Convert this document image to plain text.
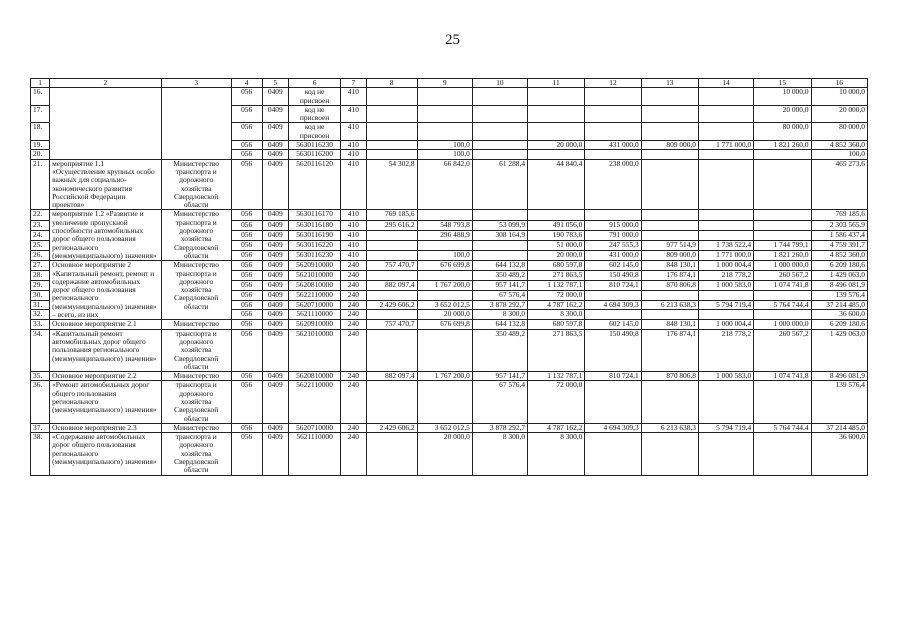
25
1	2	3	4	5	6	7	8	9	10	11	12	13	14	15	16
16.			056	0409	код не присвоен	410								10 000,0	10 000,0
17.			056	0409	код не присвоен	410								20 000,0	20 000,0
18.			056	0409	код не присвоен	410								80 000,0	80 000,0
19.			056	0409	5630116230	410		100,0		20 000,0	431 000,0	809 000,0	1 771 000,0	1 821 260,0	4 852 360,0
20.			056	0409	5630116200	410		100,0							100,0
21.	мероприятие 1.1 «Осуществление крупных особо важных для социально-экономического развития Российской Федерации проектов»	Министерство транспорта и дорожного хозяйства Свердловской области	056	0409	5620116120	410	54 302,8	66 842,0	61 288,4	44 840,4	238 000,0				465 273,6
22.	мероприятие 1.2 «Развитие и увеличение пропускной способности автомобильных дорог общего пользования регионального (межмуниципального) значения»	Министерство транспорта и дорожного хозяйства Свердловской области	056	0409	5630116170	410	769 185,6								769 185,6
23.			056	0409	5630116180	410	295 616,2	548 793,8	53 099,9	491 056,0	915 000,0				2 303 565,9
24.			056	0409	5630116190	410		296 488,9	308 164,9	190 783,6	791 000,0				1 586 437,4
25.			056	0409	5630116220	410				51 000,0	247 555,3	977 514,9	1 738 522,4	1 744 799,1	4 759 391,7
26.			056	0409	5630116230	410		100,0		20 000,0	431 000,0	809 000,0	1 771 000,0	1 821 260,0	4 852 360,0
27.	Основное мероприятие 2 «Капитальный ремонт, ремонт и содержание автомобильных дорог общего пользования регионального (межмуниципального) значения» – всего, из них	Министерство транспорта и дорожного хозяйства Свердловской области	056	0409	5620910000	240	757 470,7	676 699,8	644 132,8	680 597,8	602 145,0	848 130,1	1 000 004,4	1 000 000,0	6 209 180,6
28.			056	0409	5621010000	240			350 489,2	271 863,5	150 490,8	176 874,1	218 778,2	260 567,2	1 429 063,0
29.			056	0409	5620810000	240	882 097,4	1 767 200,0	957 141,7	1 132 787,1	810 724,1	870 806,8	1 000 583,0	1 074 741,8	8 496 081,9
30.			056	0409	5622110000	240			67 576,4	72 000,0					139 576,4
31.			056	0409	5620710000	240	2 429 606,2	3 652 012,5	3 878 292,7	4 787 162,2	4 694 309,3	6 213 638,3	5 794 719,4	5 764 744,4	37 214 485,0
32.			056	0409	5621110000	240		20 000,0	8 300,0	8 300,0					36 600,0
33.	Основное мероприятие 2.1	Министерство	056	0409	5620910000	240	757 470,7	676 699,8	644 132,8	680 597,8	602 145,0	848 130,1	1 000 004,4	1 000 000,0	6 209 180,6
34.	«Капитальный ремонт автомобильных дорог общего пользования регионального (межмуниципального) значения»	транспорта и дорожного хозяйства Свердловской области	056	0409	5621010000	240			350 489,2	271 863,5	150 490,8	176 874,1	218 778,2	260 567,2	1 429 063,0
35.	Основное мероприятие 2.2	Министерство	056	0409	5620810000	240	882 097,4	1 767 200,0	957 141,7	1 132 787,1	810 724,1	870 806,8	1 000 583,0	1 074 741,8	8 496 081,9
36.	«Ремонт автомобильных дорог общего пользования регионального (межмуниципального) значения»	транспорта и дорожного хозяйства Свердловской области	056	0409	5622110000	240			67 576,4	72 000,0					139 576,4
37.	Основное мероприятие 2.3	Министерство	056	0409	5620710000	240	2 429 606,2	3 652 012,5	3 878 292,7	4 787 162,2	4 694 309,3	6 213 638,3	5 794 719,4	5 764 744,4	37 214 485,0
38.	«Содержание автомобильных дорог общего пользования регионального (межмуниципального) значения»	транспорта и дорожного хозяйства Свердловской области	056	0409	5621110000	240		20 000,0	8 300,0	8 300,0					36 600,0
